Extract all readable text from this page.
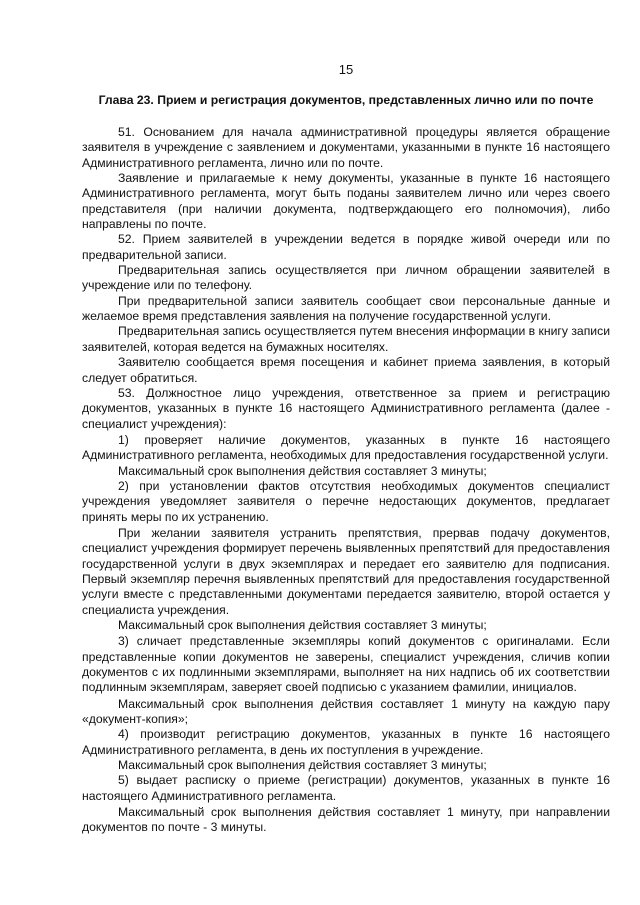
15
Глава 23. Прием и регистрация документов, представленных лично или по почте

51. Основанием для начала административной процедуры является обращение заявителя в учреждение с заявлением и документами, указанными в пункте 16 настоящего Административного регламента, лично или по почте.

Заявление и прилагаемые к нему документы, указанные в пункте 16 настоящего Административного регламента, могут быть поданы заявителем лично или через своего представителя (при наличии документа, подтверждающего его полномочия), либо направлены по почте.

52. Прием заявителей в учреждении ведется в порядке живой очереди или по предварительной записи.

Предварительная запись осуществляется при личном обращении заявителей в учреждение или по телефону.

При предварительной записи заявитель сообщает свои персональные данные и желаемое время представления заявления на получение государственной услуги.

Предварительная запись осуществляется путем внесения информации в книгу записи заявителей, которая ведется на бумажных носителях.

Заявителю сообщается время посещения и кабинет приема заявления, в который следует обратиться.

53. Должностное лицо учреждения, ответственное за прием и регистрацию документов, указанных в пункте 16 настоящего Административного регламента (далее - специалист учреждения):

1) проверяет наличие документов, указанных в пункте 16 настоящего Административного регламента, необходимых для предоставления государственной услуги.

Максимальный срок выполнения действия составляет 3 минуты;

2) при установлении фактов отсутствия необходимых документов специалист учреждения уведомляет заявителя о перечне недостающих документов, предлагает принять меры по их устранению.

При желании заявителя устранить препятствия, прервав подачу документов, специалист учреждения формирует перечень выявленных препятствий для предоставления государственной услуги в двух экземплярах и передает его заявителю для подписания. Первый экземпляр перечня выявленных препятствий для предоставления государственной услуги вместе с представленными документами передается заявителю, второй остается у специалиста учреждения.

Максимальный срок выполнения действия составляет 3 минуты;

3) сличает представленные экземпляры копий документов с оригиналами. Если представленные копии документов не заверены, специалист учреждения, сличив копии документов с их подлинными экземплярами, выполняет на них надпись об их соответствии подлинным экземплярам, заверяет своей подписью с указанием фамилии, инициалов.

Максимальный срок выполнения действия составляет 1 минуту на каждую пару «документ-копия»;

4) производит регистрацию документов, указанных в пункте 16 настоящего Административного регламента, в день их поступления в учреждение.

Максимальный срок выполнения действия составляет 3 минуты;

5) выдает расписку о приеме (регистрации) документов, указанных в пункте 16 настоящего Административного регламента.

Максимальный срок выполнения действия составляет 1 минуту, при направлении документов по почте - 3 минуты.
